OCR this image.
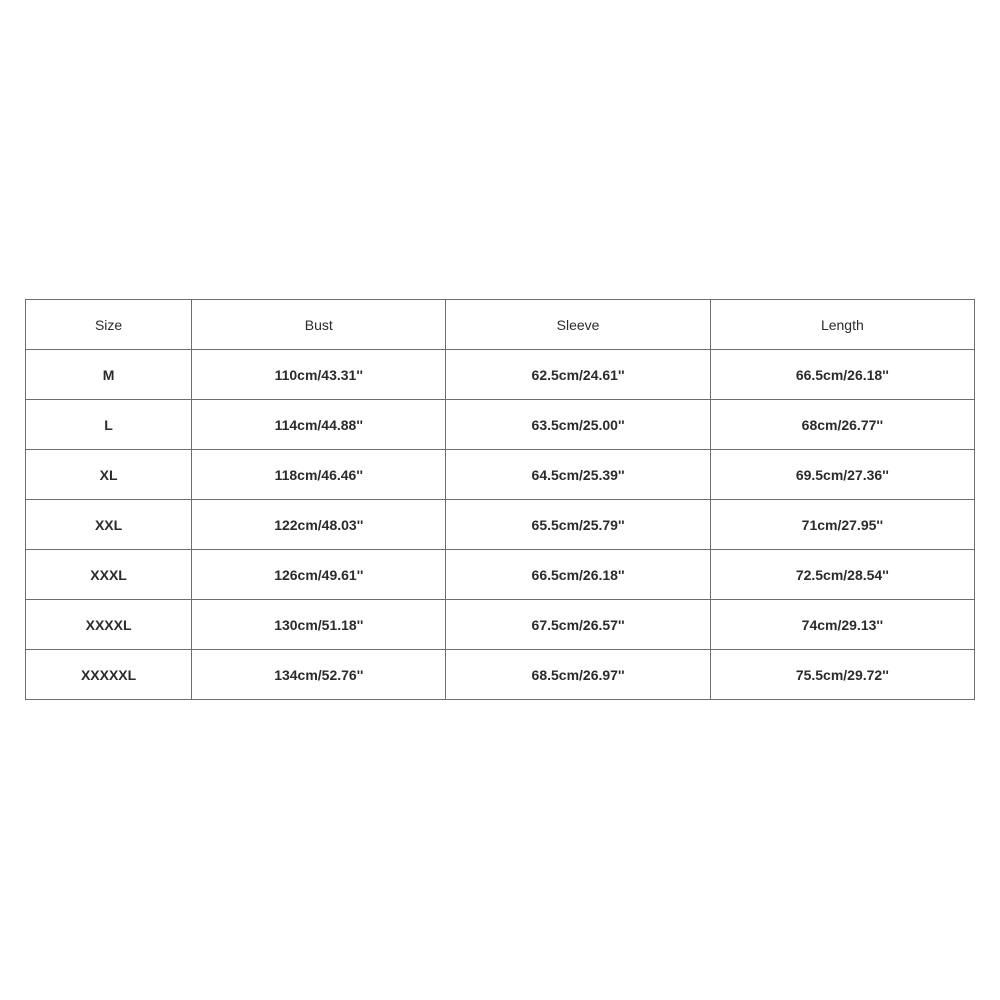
Size	Bust	Sleeve	Length
M	110cm/43.31''	62.5cm/24.61''	66.5cm/26.18''
L	114cm/44.88''	63.5cm/25.00''	68cm/26.77''
XL	118cm/46.46''	64.5cm/25.39''	69.5cm/27.36''
XXL	122cm/48.03''	65.5cm/25.79''	71cm/27.95''
XXXL	126cm/49.61''	66.5cm/26.18''	72.5cm/28.54''
XXXXL	130cm/51.18''	67.5cm/26.57''	74cm/29.13''
XXXXXL	134cm/52.76''	68.5cm/26.97''	75.5cm/29.72''
